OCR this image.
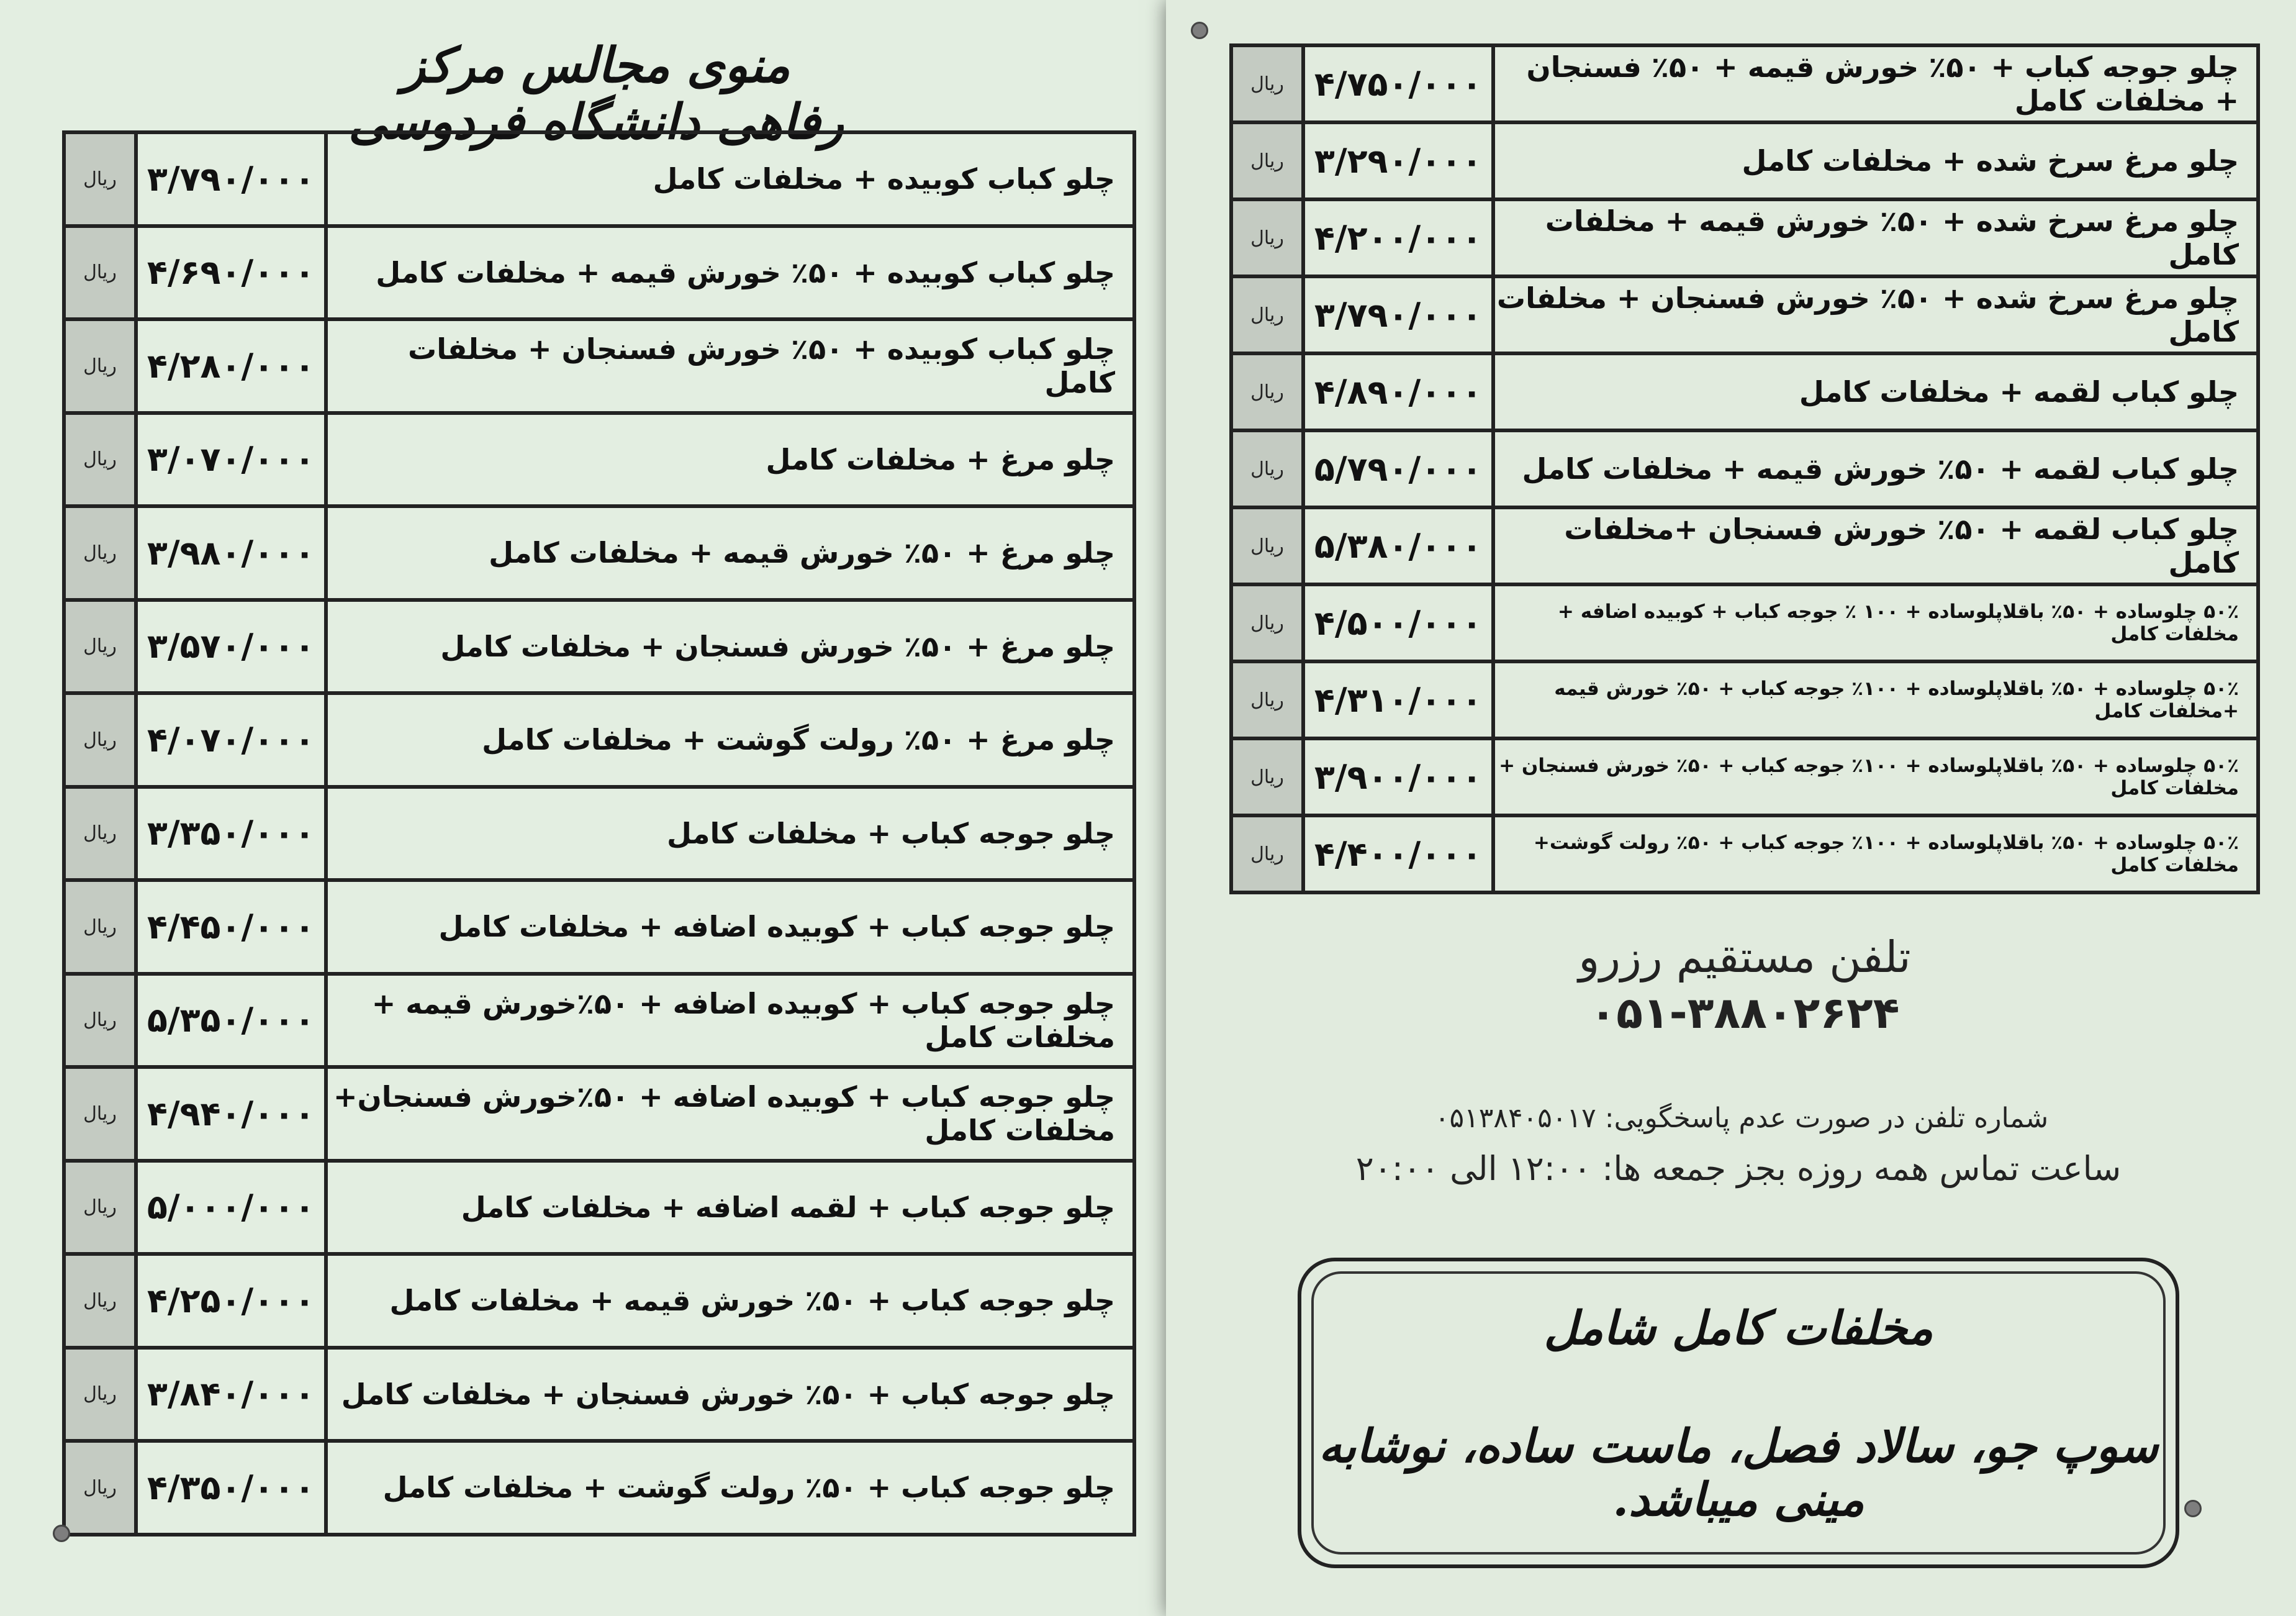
منوی مجالس مرکز رفاهی دانشگاه فردوسی
ریال	۳/۷۹۰/۰۰۰	چلو کباب کوبیده + مخلفات کامل
ریال	۴/۶۹۰/۰۰۰	چلو کباب کوبیده + ۵۰٪ خورش قیمه + مخلفات کامل
ریال	۴/۲۸۰/۰۰۰	چلو کباب کوبیده + ۵۰٪ خورش فسنجان + مخلفات کامل
ریال	۳/۰۷۰/۰۰۰	چلو مرغ + مخلفات کامل
ریال	۳/۹۸۰/۰۰۰	چلو مرغ + ۵۰٪ خورش قیمه + مخلفات کامل
ریال	۳/۵۷۰/۰۰۰	چلو مرغ + ۵۰٪ خورش فسنجان + مخلفات کامل
ریال	۴/۰۷۰/۰۰۰	چلو مرغ + ۵۰٪ رولت گوشت + مخلفات کامل
ریال	۳/۳۵۰/۰۰۰	چلو جوجه کباب + مخلفات کامل
ریال	۴/۴۵۰/۰۰۰	چلو جوجه کباب + کوبیده اضافه + مخلفات کامل
ریال	۵/۳۵۰/۰۰۰	چلو جوجه کباب + کوبیده اضافه + ۵۰٪خورش قیمه + مخلفات کامل
ریال	۴/۹۴۰/۰۰۰	چلو جوجه کباب + کوبیده اضافه + ۵۰٪خورش فسنجان+ مخلفات کامل
ریال	۵/۰۰۰/۰۰۰	چلو جوجه کباب + لقمه اضافه + مخلفات کامل
ریال	۴/۲۵۰/۰۰۰	چلو جوجه کباب + ۵۰٪ خورش قیمه + مخلفات کامل
ریال	۳/۸۴۰/۰۰۰	چلو جوجه کباب + ۵۰٪ خورش فسنجان + مخلفات کامل
ریال	۴/۳۵۰/۰۰۰	چلو جوجه کباب + ۵۰٪ رولت گوشت + مخلفات کامل
ریال	۴/۷۵۰/۰۰۰	چلو جوجه کباب + ۵۰٪ خورش قیمه + ۵۰٪ فسنجان + مخلفات کامل
ریال	۳/۲۹۰/۰۰۰	چلو مرغ سرخ شده + مخلفات کامل
ریال	۴/۲۰۰/۰۰۰	چلو مرغ سرخ شده + ۵۰٪ خورش قیمه + مخلفات کامل
ریال	۳/۷۹۰/۰۰۰	چلو مرغ سرخ شده + ۵۰٪ خورش فسنجان + مخلفات کامل
ریال	۴/۸۹۰/۰۰۰	چلو کباب لقمه + مخلفات کامل
ریال	۵/۷۹۰/۰۰۰	چلو کباب لقمه + ۵۰٪ خورش قیمه + مخلفات کامل
ریال	۵/۳۸۰/۰۰۰	چلو کباب لقمه + ۵۰٪ خورش فسنجان +مخلفات کامل
ریال	۴/۵۰۰/۰۰۰	۵۰٪ چلوساده + ۵۰٪ باقلاپلوساده + ۱۰۰ ٪ جوجه کباب + کوبیده اضافه + مخلفات کامل
ریال	۴/۳۱۰/۰۰۰	۵۰٪ چلوساده + ۵۰٪ باقلاپلوساده + ۱۰۰٪ جوجه کباب + ۵۰٪ خورش قیمه +مخلفات کامل
ریال	۳/۹۰۰/۰۰۰	۵۰٪ چلوساده + ۵۰٪ باقلاپلوساده + ۱۰۰٪ جوجه کباب + ۵۰٪ خورش فسنجان + مخلفات کامل
ریال	۴/۴۰۰/۰۰۰	۵۰٪ چلوساده + ۵۰٪ باقلاپلوساده + ۱۰۰٪ جوجه کباب + ۵۰٪ رولت گوشت+ مخلفات کامل
تلفن مستقیم رزرو
۰۵۱-۳۸۸۰۲۶۲۴
شماره تلفن در صورت عدم پاسخگویی: ۰۵۱۳۸۴۰۵۰۱۷
ساعت تماس همه روزه بجز جمعه ها: ۱۲:۰۰ الی ۲۰:۰۰
مخلفات کامل شامل
سوپ جو، سالاد فصل، ماست ساده، نوشابه مینی میباشد.
